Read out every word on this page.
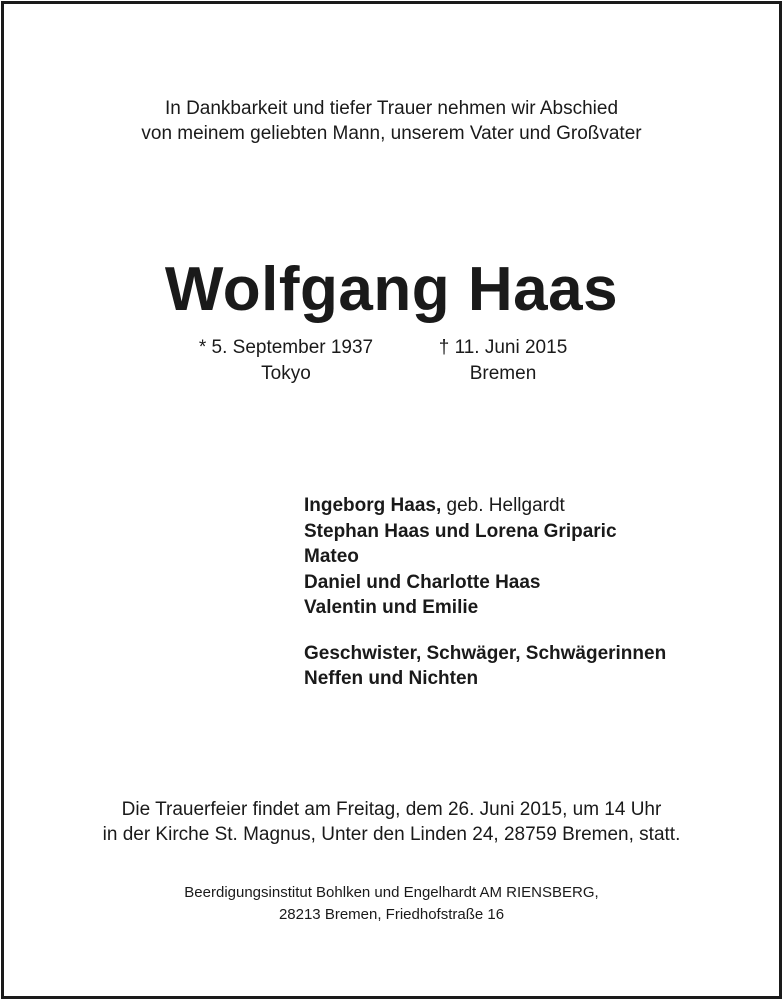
In Dankbarkeit und tiefer Trauer nehmen wir Abschied
von meinem geliebten Mann, unserem Vater und Großvater
Wolfgang Haas
* 5. September 1937
Tokyo
† 11. Juni 2015
Bremen
Ingeborg Haas, geb. Hellgardt
Stephan Haas und Lorena Griparic
Mateo
Daniel und Charlotte Haas
Valentin und Emilie
Geschwister, Schwäger, Schwägerinnen
Neffen und Nichten
Die Trauerfeier findet am Freitag, dem 26. Juni 2015, um 14 Uhr
in der Kirche St. Magnus, Unter den Linden 24, 28759 Bremen, statt.
Beerdigungsinstitut Bohlken und Engelhardt AM RIENSBERG,
28213 Bremen, Friedhofstraße 16
